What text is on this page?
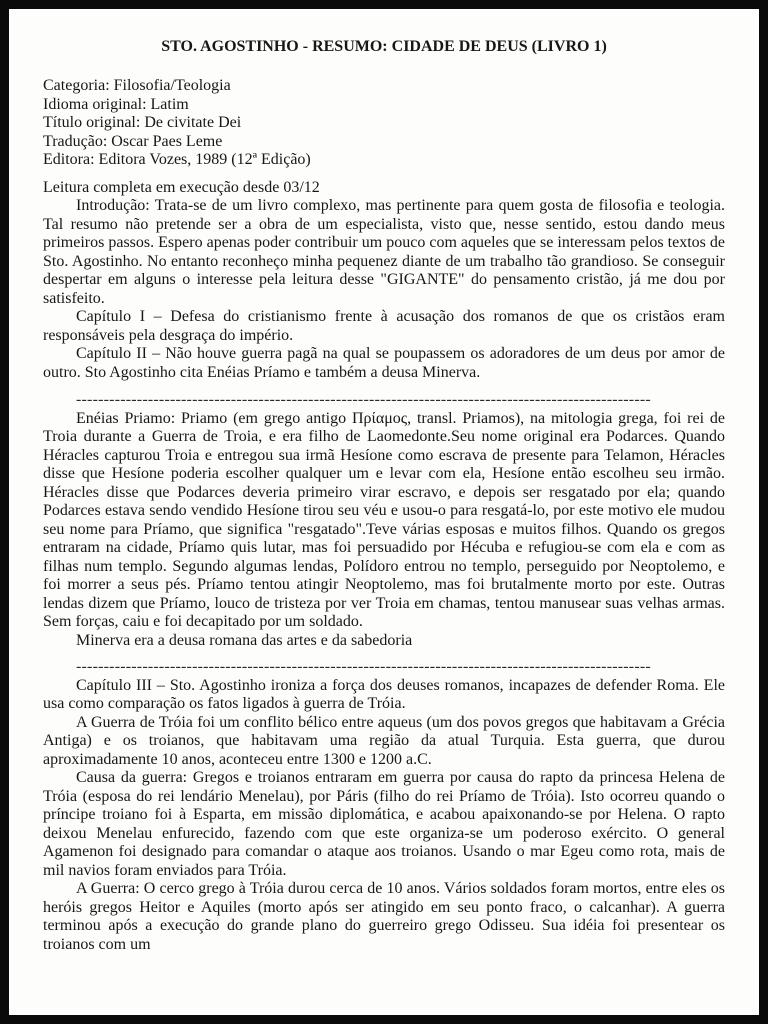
STO. AGOSTINHO - RESUMO: CIDADE DE DEUS (LIVRO 1)
Categoria: Filosofia/Teologia
Idioma original: Latim
Título original: De civitate Dei
Tradução: Oscar Paes Leme
Editora: Editora Vozes, 1989 (12ª Edição)
Leitura completa em execução desde 03/12

Introdução: Trata-se de um livro complexo, mas pertinente para quem gosta de filosofia e teologia. Tal resumo não pretende ser a obra de um especialista, visto que, nesse sentido, estou dando meus primeiros passos. Espero apenas poder contribuir um pouco com aqueles que se interessam pelos textos de Sto. Agostinho. No entanto reconheço minha pequenez diante de um trabalho tão grandioso. Se conseguir despertar em alguns o interesse pela leitura desse "GIGANTE" do pensamento cristão, já me dou por satisfeito.

Capítulo I – Defesa do cristianismo frente à acusação dos romanos de que os cristãos eram responsáveis pela desgraça do império.

Capítulo II – Não houve guerra pagã na qual se poupassem os adoradores de um deus por amor de outro. Sto Agostinho cita Enéias Príamo e também a deusa Minerva.

--------------------------------------------------------------------------------------------------------

Enéias Priamo: Priamo (em grego antigo Πρίαμος, transl. Priamos), na mitologia grega, foi rei de Troia durante a Guerra de Troia, e era filho de Laomedonte.Seu nome original era Podarces. Quando Héracles capturou Troia e entregou sua irmã Hesíone como escrava de presente para Telamon, Héracles disse que Hesíone poderia escolher qualquer um e levar com ela, Hesíone então escolheu seu irmão. Héracles disse que Podarces deveria primeiro virar escravo, e depois ser resgatado por ela; quando Podarces estava sendo vendido Hesíone tirou seu véu e usou-o para resgatá-lo, por este motivo ele mudou seu nome para Príamo, que significa "resgatado".Teve várias esposas e muitos filhos. Quando os gregos entraram na cidade, Príamo quis lutar, mas foi persuadido por Hécuba e refugiou-se com ela e com as filhas num templo. Segundo algumas lendas, Polídoro entrou no templo, perseguido por Neoptolemo, e foi morrer a seus pés. Príamo tentou atingir Neoptolemo, mas foi brutalmente morto por este. Outras lendas dizem que Príamo, louco de tristeza por ver Troia em chamas, tentou manusear suas velhas armas. Sem forças, caiu e foi decapitado por um soldado.

Minerva era a deusa romana das artes e da sabedoria

--------------------------------------------------------------------------------------------------------

Capítulo III – Sto. Agostinho ironiza a força dos deuses romanos, incapazes de defender Roma. Ele usa como comparação os fatos ligados à guerra de Tróia.

A Guerra de Tróia foi um conflito bélico entre aqueus (um dos povos gregos que habitavam a Grécia Antiga) e os troianos, que habitavam uma região da atual Turquia. Esta guerra, que durou aproximadamente 10 anos, aconteceu entre 1300 e 1200 a.C.

Causa da guerra: Gregos e troianos entraram em guerra por causa do rapto da princesa Helena de Tróia (esposa do rei lendário Menelau), por Páris (filho do rei Príamo de Tróia). Isto ocorreu quando o príncipe troiano foi à Esparta, em missão diplomática, e acabou apaixonando-se por Helena. O rapto deixou Menelau enfurecido, fazendo com que este organiza-se um poderoso exército. O general Agamenon foi designado para comandar o ataque aos troianos. Usando o mar Egeu como rota, mais de mil navios foram enviados para Tróia.

A Guerra: O cerco grego à Tróia durou cerca de 10 anos. Vários soldados foram mortos, entre eles os heróis gregos Heitor e Aquiles (morto após ser atingido em seu ponto fraco, o calcanhar). A guerra terminou após a execução do grande plano do guerreiro grego Odisseu. Sua idéia foi presentear os troianos com um
